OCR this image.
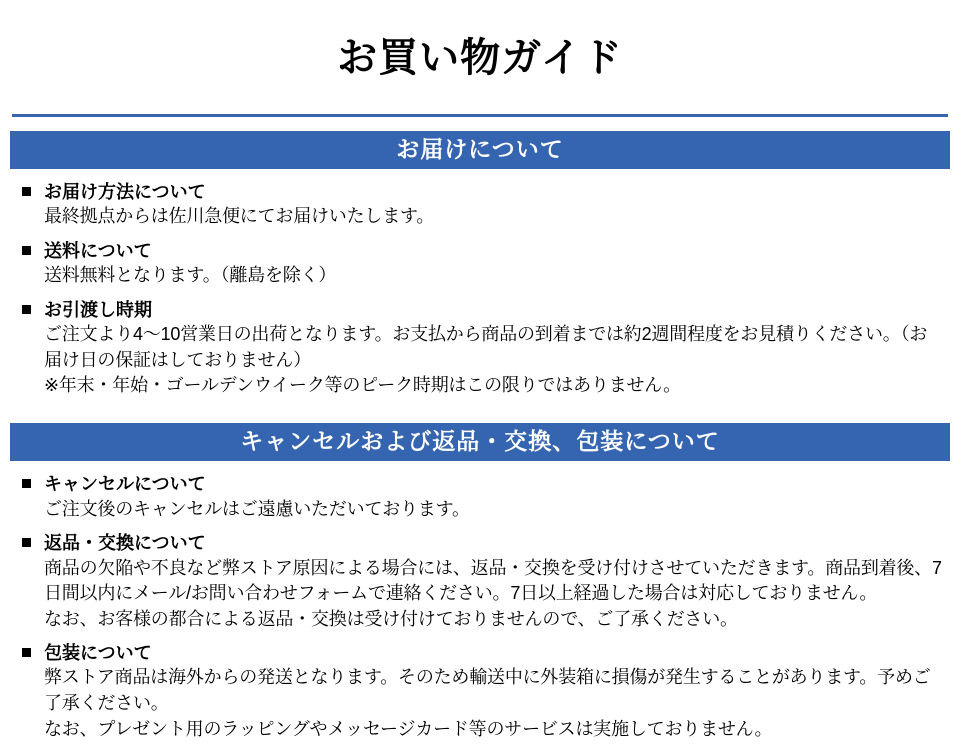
お買い物ガイド
お届けについて
お届け方法について
最終拠点からは佐川急便にてお届けいたします。
送料について
送料無料となります。（離島を除く）
お引渡し時期
ご注文より4〜10営業日の出荷となります。お支払から商品の到着までは約2週間程度をお見積りください。（お届け日の保証はしておりません）
※年末・年始・ゴールデンウイーク等のピーク時期はこの限りではありません。
キャンセルおよび返品・交換、包装について
キャンセルについて
ご注文後のキャンセルはご遠慮いただいております。
返品・交換について
商品の欠陥や不良など弊ストア原因による場合には、返品・交換を受け付けさせていただきます。商品到着後、7日間以内にメール/お問い合わせフォームで連絡ください。7日以上経過した場合は対応しておりません。
なお、お客様の都合による返品・交換は受け付けておりませんので、ご了承ください。
包装について
弊ストア商品は海外からの発送となります。そのため輸送中に外装箱に損傷が発生することがあります。予めご了承ください。
なお、プレゼント用のラッピングやメッセージカード等のサービスは実施しておりません。
